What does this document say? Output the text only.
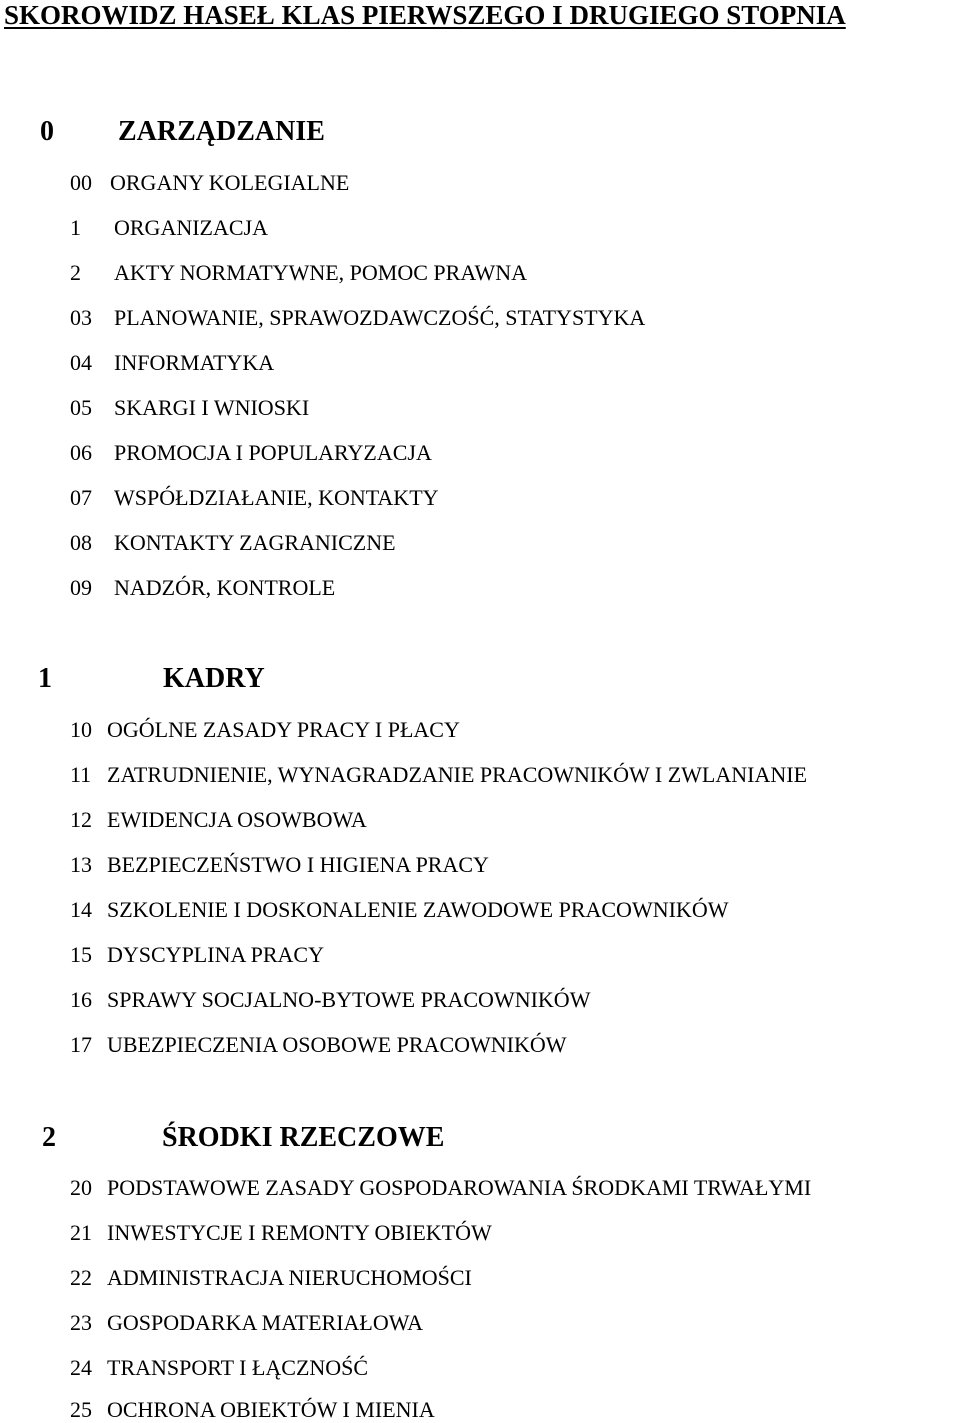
SKOROWIDZ HASEŁ KLAS PIERWSZEGO I DRUGIEGO STOPNIA
0 ZARZĄDZANIE
00 ORGANY KOLEGIALNE
1 ORGANIZACJA
2 AKTY NORMATYWNE, POMOC PRAWNA
03 PLANOWANIE, SPRAWOZDAWCZOŚĆ, STATYSTYKA
04 INFORMATYKA
05 SKARGI I WNIOSKI
06 PROMOCJA I POPULARYZACJA
07 WSPÓŁDZIAŁANIE, KONTAKTY
08 KONTAKTY ZAGRANICZNE
09 NADZÓR, KONTROLE
1	KADRY
10 OGÓLNE ZASADY PRACY I PŁACY
11 ZATRUDNIENIE, WYNAGRADZANIE PRACOWNIKÓW I ZWLANIANIE
12 EWIDENCJA OSOWBOWA
13 BEZPIECZEŃSTWO I HIGIENA PRACY
14 SZKOLENIE I DOSKONALENIE ZAWODOWE PRACOWNIKÓW
15 DYSCYPLINA PRACY
16 SPRAWY SOCJALNO-BYTOWE PRACOWNIKÓW
17 UBEZPIECZENIA OSOBOWE PRACOWNIKÓW
2	ŚRODKI RZECZOWE
20 PODSTAWOWE ZASADY GOSPODAROWANIA ŚRODKAMI TRWAŁYMI
21 INWESTYCJE I REMONTY OBIEKTÓW
22 ADMINISTRACJA NIERUCHOMOŚCI
23 GOSPODARKA MATERIAŁOWA
24 TRANSPORT I ŁĄCZNOŚĆ
25 OCHRONA OBIEKTÓW I MIENIA
